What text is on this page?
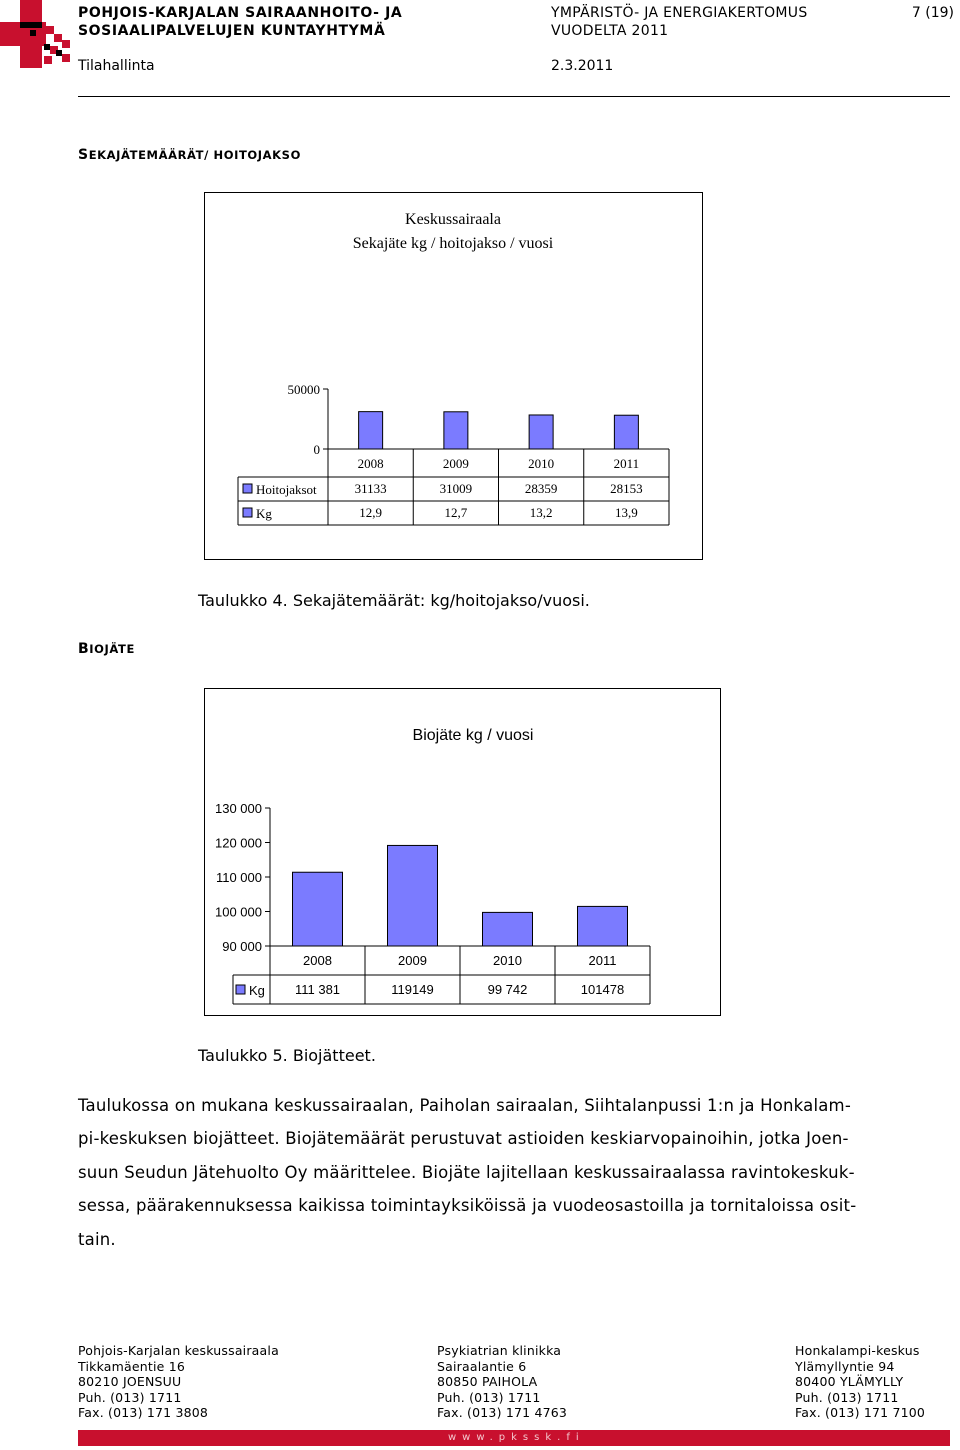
POHJOIS-KARJALAN SAIRAANHOITO- JA
SOSIAALIPALVELUJEN KUNTAYHTYMÄ
YMPÄRISTÖ- JA ENERGIAKERTOMUS
VUODELTA 2011
7 (19)
Tilahallinta	2.3.2011
SEKAJÄTEMÄÄRÄT/ HOITOJAKSO
Keskussairaala
Sekajäte kg / hoitojakso / vuosi
50000
0
2008	2009	2010	2011
Hoitojaksot	31133	31009	28359	28153
Kg	12,9	12,7	13,2	13,9
Taulukko 4. Sekajätemäärät: kg/hoitojakso/vuosi.
BIOJÄTE
Biojäte kg / vuosi
130 000
120 000
110 000
100 000
90 000
2008	2009	2010	2011
Kg 111 381	119149	99 742	101478
Taulukko 5. Biojätteet.
Taulukossa on mukana keskussairaalan, Paiholan sairaalan, Siihtalanpussi 1:n ja Honkalam-
pi-keskuksen biojätteet. Biojätemäärät perustuvat astioiden keskiarvopainoihin, jotka Joen-
suun Seudun Jätehuolto Oy määrittelee. Biojäte lajitellaan keskussairaalassa ravintokeskuk-
sessa, päärakennuksessa kaikissa toimintayksiköissä ja vuodeosastoilla ja tornitaloissa osit-
tain.
Pohjois-Karjalan keskussairaala
Tikkamäentie 16
80210 JOENSUU
Puh. (013) 1711
Fax. (013) 171 3808
Psykiatrian klinikka
Sairaalantie 6
80850 PAIHOLA
Puh. (013) 1711
Fax. (013) 171 4763
Honkalampi-keskus
Ylämyllyntie 94
80400 YLÄMYLLY
Puh. (013) 1711
Fax. (013) 171 7100
www.pkssk.fi
